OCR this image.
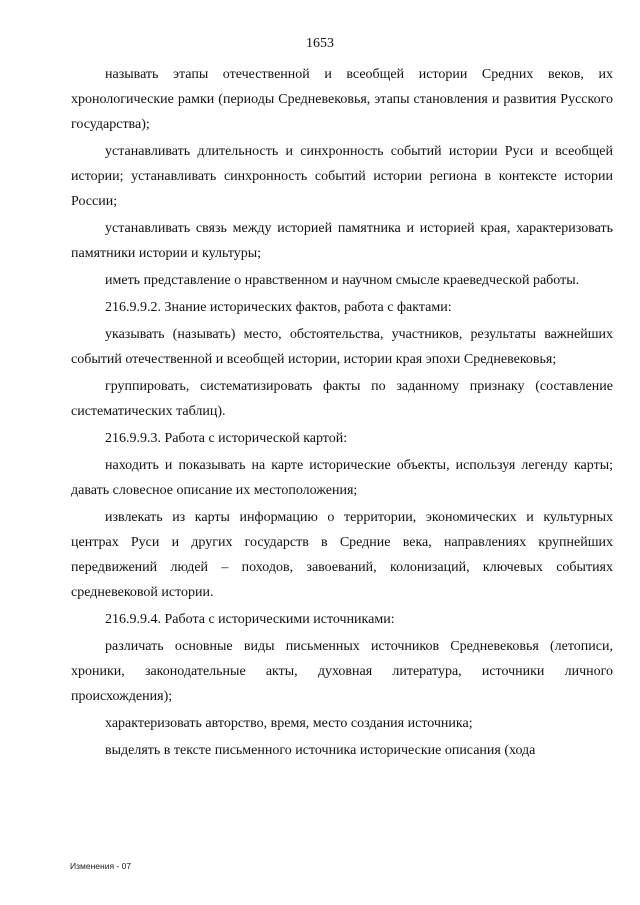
1653

называть этапы отечественной и всеобщей истории Средних веков, их хронологические рамки (периоды Средневековья, этапы становления и развития Русского государства);

устанавливать длительность и синхронность событий истории Руси и всеобщей истории; устанавливать синхронность событий истории региона в контексте истории России;

устанавливать связь между историей памятника и историей края, характеризовать памятники истории и культуры;

иметь представление о нравственном и научном смысле краеведческой работы.

216.9.9.2. Знание исторических фактов, работа с фактами:

указывать (называть) место, обстоятельства, участников, результаты важнейших событий отечественной и всеобщей истории, истории края эпохи Средневековья;

группировать, систематизировать факты по заданному признаку (составление систематических таблиц).

216.9.9.3. Работа с исторической картой:

находить и показывать на карте исторические объекты, используя легенду карты; давать словесное описание их местоположения;

извлекать из карты информацию о территории, экономических и культурных центрах Руси и других государств в Средние века, направлениях крупнейших передвижений людей – походов, завоеваний, колонизаций, ключевых событиях средневековой истории.

216.9.9.4. Работа с историческими источниками:

различать основные виды письменных источников Средневековья (летописи, хроники, законодательные акты, духовная литература, источники личного происхождения);

характеризовать авторство, время, место создания источника;

выделять в тексте письменного источника исторические описания (хода

Изменения - 07
